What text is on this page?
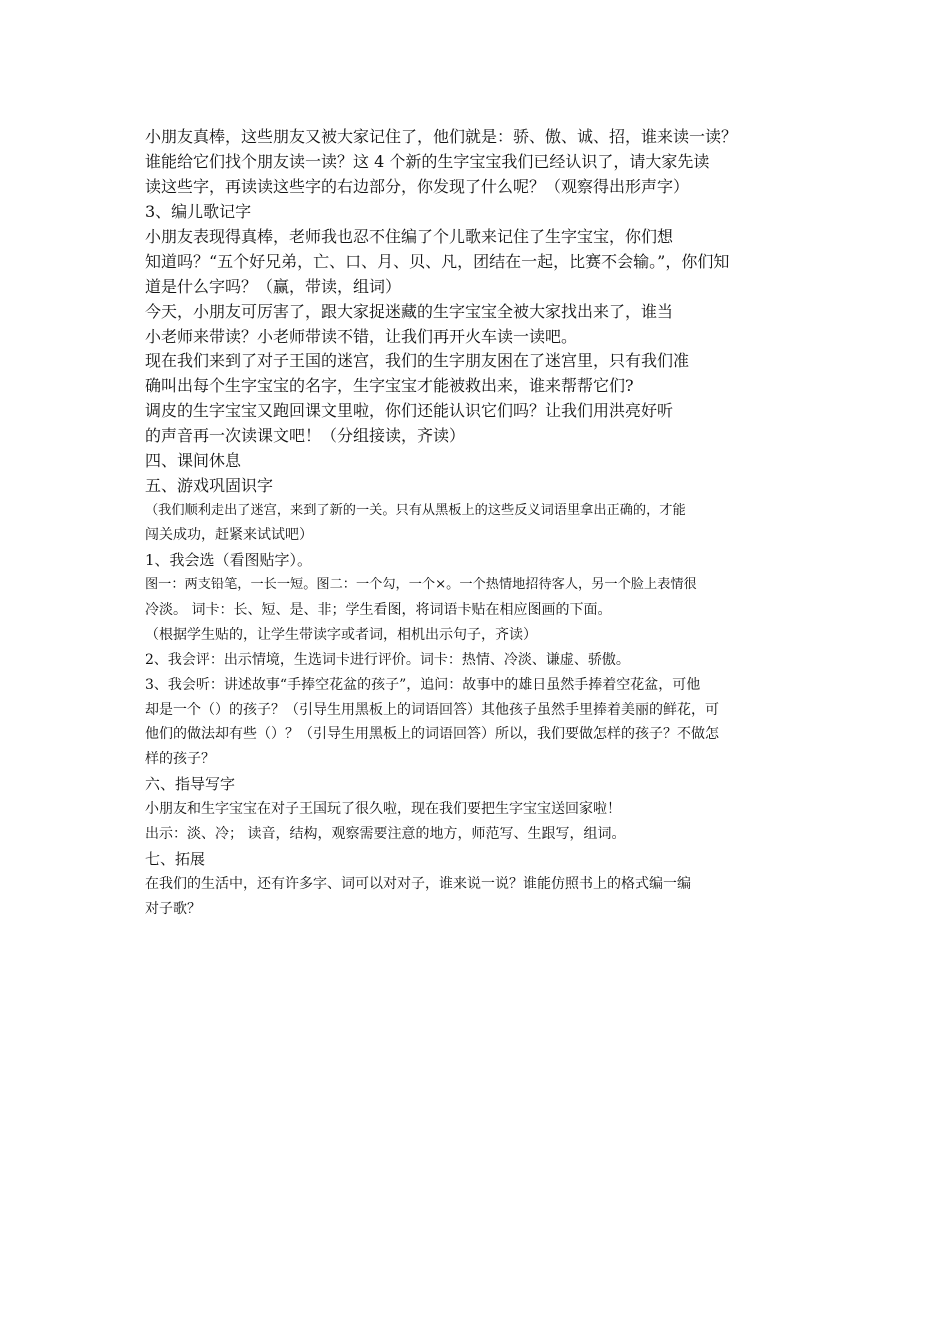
小朋友真棒，这些朋友又被大家记住了，他们就是：骄、傲、诚、招，谁来读一读？

谁能给它们找个朋友读一读？这 4 个新的生字宝宝我们已经认识了，请大家先读

读这些字，再读读这些字的右边部分，你发现了什么呢？（观察得出形声字）

3、编儿歌记字

小朋友表现得真棒，老师我也忍不住编了个儿歌来记住了生字宝宝，你们想

知道吗？“五个好兄弟，亡、口、月、贝、凡，团结在一起，比赛不会输。”，你们知

道是什么字吗？（赢，带读，组词）

今天，小朋友可厉害了，跟大家捉迷藏的生字宝宝全被大家找出来了，谁当

小老师来带读？小老师带读不错，让我们再开火车读一读吧。

现在我们来到了对子王国的迷宫，我们的生字朋友困在了迷宫里，只有我们准

确叫出每个生字宝宝的名字，生字宝宝才能被救出来，谁来帮帮它们?

调皮的生字宝宝又跑回课文里啦，你们还能认识它们吗？让我们用洪亮好听

的声音再一次读课文吧！（分组接读，齐读）

四、课间休息

五、游戏巩固识字

（我们顺利走出了迷宫，来到了新的一关。只有从黑板上的这些反义词语里拿出正确的，才能

闯关成功，赶紧来试试吧）

1、我会选（看图贴字）。

图一：两支铅笔，一长一短。图二：一个勾，一个×。一个热情地招待客人，另一个脸上表情很

冷淡。 词卡：长、短、是、非；学生看图，将词语卡贴在相应图画的下面。

（根据学生贴的，让学生带读字或者词，相机出示句子，齐读）

2、我会评：出示情境，生选词卡进行评价。词卡：热情、冷淡、谦虚、骄傲。

3、我会听：讲述故事“手捧空花盆的孩子”，追问：故事中的雄日虽然手捧着空花盆，可他

却是一个（）的孩子？（引导生用黑板上的词语回答）其他孩子虽然手里捧着美丽的鲜花，可

他们的做法却有些（）？（引导生用黑板上的词语回答）所以，我们要做怎样的孩子？不做怎

样的孩子？

六、指导写字

小朋友和生字宝宝在对子王国玩了很久啦，现在我们要把生字宝宝送回家啦！

出示：淡、冷； 读音，结构，观察需要注意的地方，师范写、生跟写，组词。

七、拓展

在我们的生活中，还有许多字、词可以对对子，谁来说一说？谁能仿照书上的格式编一编

对子歌？
